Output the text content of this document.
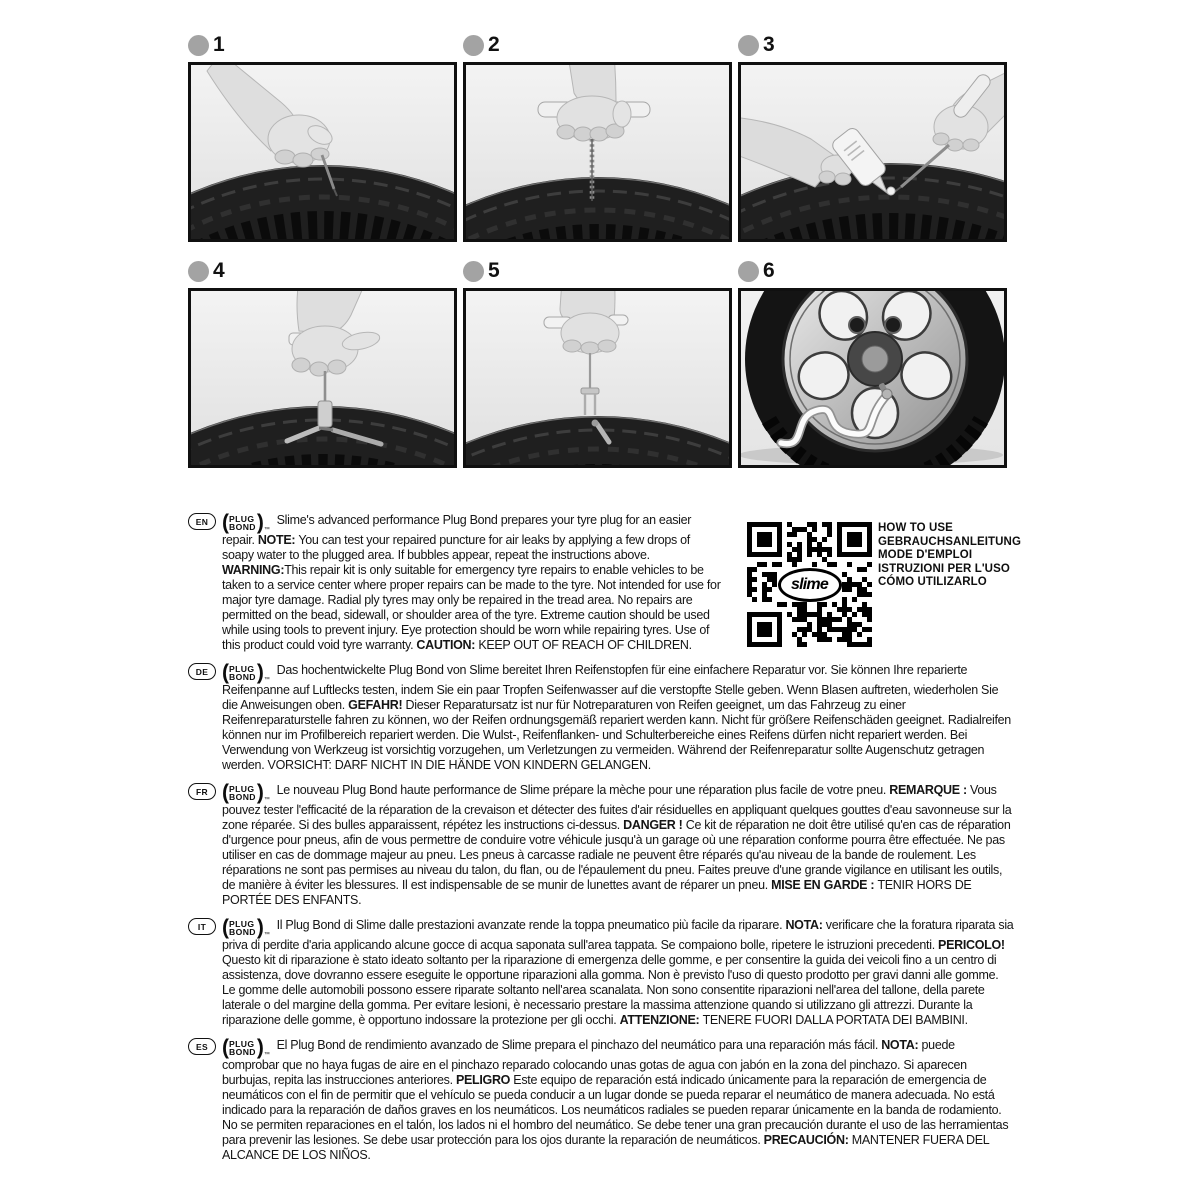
1	2	3
4	5	6
EN ( PLUG
BOND ) ™
Slime's advanced performance Plug Bond prepares your tyre plug for an easier repair. NOTE: You can test your repaired puncture for air leaks by applying a few drops of soapy water to the plugged area. If bubbles appear, repeat the instructions above. WARNING:This repair kit is only suitable for emergency tyre repairs to enable vehicles to be taken to a service center where proper repairs can be made to the tyre. Not intended for use for major tyre damage. Radial ply tyres may only be repaired in the tread area. No repairs are permitted on the bead, sidewall, or shoulder area of the tyre. Extreme caution should be used while using tools to prevent injury. Eye protection should be worn while repairing tyres. Use of this product could void tyre warranty. CAUTION: KEEP OUT OF REACH OF CHILDREN.

DE ( PLUG
BOND ) ™
Das hochentwickelte Plug Bond von Slime bereitet Ihren Reifenstopfen für eine einfachere Reparatur vor. Sie können Ihre reparierte Reifenpanne auf Luftlecks testen, indem Sie ein paar Tropfen Seifenwasser auf die verstopfte Stelle geben. Wenn Blasen auftreten, wiederholen Sie die Anweisungen oben. GEFAHR! Dieser Reparatursatz ist nur für Notreparaturen von Reifen geeignet, um das Fahrzeug zu einer Reifenreparaturstelle fahren zu können, wo der Reifen ordnungsgemäß repariert werden kann. Nicht für größere Reifenschäden geeignet. Radialreifen können nur im Profilbereich repariert werden. Die Wulst-, Reifenflanken- und Schulterbereiche eines Reifens dürfen nicht repariert werden. Bei Verwendung von Werkzeug ist vorsichtig vorzugehen, um Verletzungen zu vermeiden. Während der Reifenreparatur sollte Augenschutz getragen werden. VORSICHT: DARF NICHT IN DIE HÄNDE VON KINDERN GELANGEN.

FR ( PLUG
BOND ) ™
Le nouveau Plug Bond haute performance de Slime prépare la mèche pour une réparation plus facile de votre pneu. REMARQUE : Vous pouvez tester l'efficacité de la réparation de la crevaison et détecter des fuites d'air résiduelles en appliquant quelques gouttes d'eau savonneuse sur la zone réparée. Si des bulles apparaissent, répétez les instructions ci-dessus. DANGER ! Ce kit de réparation ne doit être utilisé qu'en cas de réparation d'urgence pour pneus, afin de vous permettre de conduire votre véhicule jusqu'à un garage où une réparation conforme pourra être effectuée. Ne pas utiliser en cas de dommage majeur au pneu. Les pneus à carcasse radiale ne peuvent être réparés qu'au niveau de la bande de roulement. Les réparations ne sont pas permises au niveau du talon, du flan, ou de l'épaulement du pneu. Faites preuve d'une grande vigilance en utilisant les outils, de manière à éviter les blessures. Il est indispensable de se munir de lunettes avant de réparer un pneu. MISE EN GARDE : TENIR HORS DE PORTÉE DES ENFANTS.

IT ( PLUG
BOND ) ™
Il Plug Bond di Slime dalle prestazioni avanzate rende la toppa pneumatico più facile da riparare. NOTA: verificare che la foratura riparata sia priva di perdite d'aria applicando alcune gocce di acqua saponata sull'area tappata. Se compaiono bolle, ripetere le istruzioni precedenti. PERICOLO! Questo kit di riparazione è stato ideato soltanto per la riparazione di emergenza delle gomme, e per consentire la guida dei veicoli fino a un centro di assistenza, dove dovranno essere eseguite le opportune riparazioni alla gomma. Non è previsto l'uso di questo prodotto per gravi danni alle gomme. Le gomme delle automobili possono essere riparate soltanto nell'area scanalata. Non sono consentite riparazioni nell'area del tallone, della parete laterale o del margine della gomma. Per evitare lesioni, è necessario prestare la massima attenzione quando si utilizzano gli attrezzi. Durante la riparazione delle gomme, è opportuno indossare la protezione per gli occhi. ATTENZIONE: TENERE FUORI DALLA PORTATA DEI BAMBINI.

ES ( PLUG
BOND ) ™
El Plug Bond de rendimiento avanzado de Slime prepara el pinchazo del neumático para una reparación más fácil. NOTA: puede comprobar que no haya fugas de aire en el pinchazo reparado colocando unas gotas de agua con jabón en la zona del pinchazo. Si aparecen burbujas, repita las instrucciones anteriores. PELIGRO Este equipo de reparación está indicado únicamente para la reparación de emergencia de neumáticos con el fin de permitir que el vehículo se pueda conducir a un lugar donde se pueda reparar el neumático de manera adecuada. No está indicado para la reparación de daños graves en los neumáticos. Los neumáticos radiales se pueden reparar únicamente en la banda de rodamiento. No se permiten reparaciones en el talón, los lados ni el hombro del neumático. Se debe tener una gran precaución durante el uso de las herramientas para prevenir las lesiones. Se debe usar protección para los ojos durante la reparación de neumáticos. PRECAUCIÓN: MANTENER FUERA DEL ALCANCE DE LOS NIÑOS.

slime
HOW TO USE
GEBRAUCHSANLEITUNG
MODE D'EMPLOI
ISTRUZIONI PER L'USO
CÓMO UTILIZARLO
